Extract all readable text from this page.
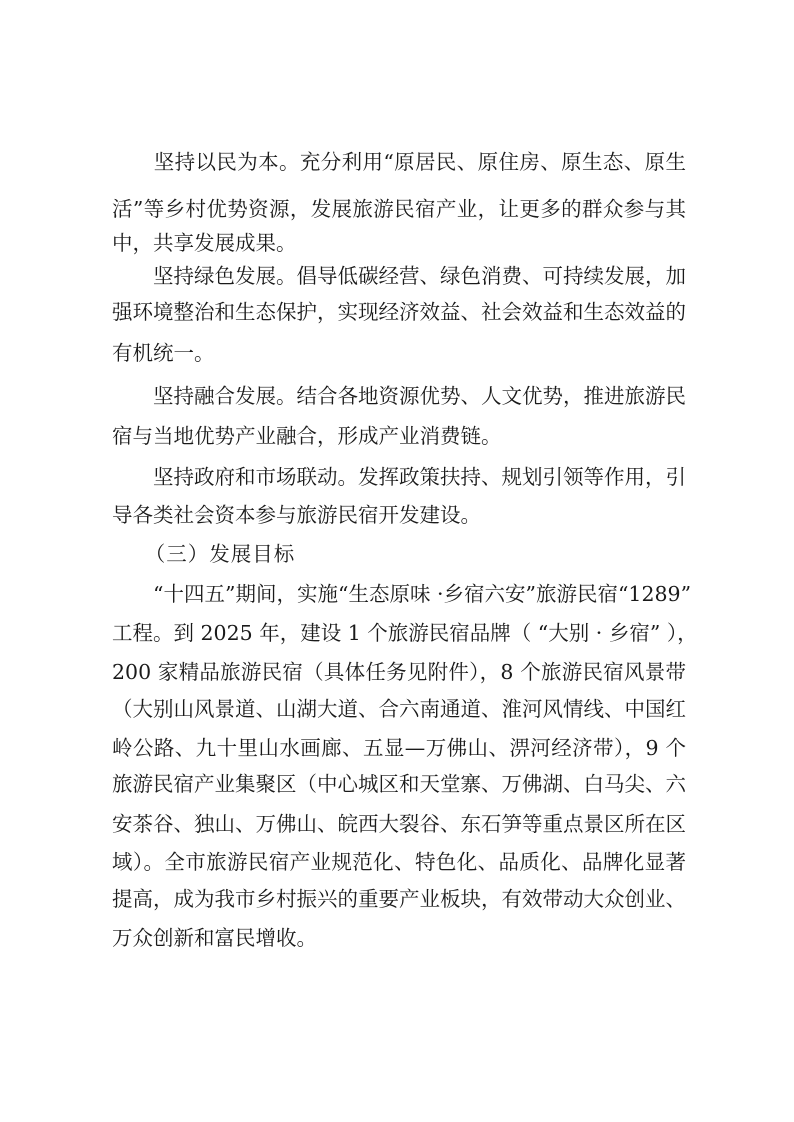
　　坚持以民为本。充分利用“原居民、原住房、原生态、原生
活”等乡村优势资源，发展旅游民宿产业，让更多的群众参与其
中，共享发展成果。
　　坚持绿色发展。倡导低碳经营、绿色消费、可持续发展，加
强环境整治和生态保护，实现经济效益、社会效益和生态效益的
有机统一。
　　坚持融合发展。结合各地资源优势、人文优势，推进旅游民
宿与当地优势产业融合，形成产业消费链。
　　坚持政府和市场联动。发挥政策扶持、规划引领等作用，引
导各类社会资本参与旅游民宿开发建设。
　　（三）发展目标
　　“十四五”期间，实施“生态原味 ·乡宿六安”旅游民宿“1289”
工程。到 2025 年，建设 1 个旅游民宿品牌（ “大别 · 乡宿” ），
200 家精品旅游民宿（具体任务见附件），8 个旅游民宿风景带
（大别山风景道、山湖大道、合六南通道、淮河风情线、中国红
岭公路、九十里山水画廊、五显—万佛山、淠河经济带），9 个
旅游民宿产业集聚区（中心城区和天堂寨、万佛湖、白马尖、六
安茶谷、独山、万佛山、皖西大裂谷、东石笋等重点景区所在区
域）。全市旅游民宿产业规范化、特色化、品质化、品牌化显著
提高，成为我市乡村振兴的重要产业板块，有效带动大众创业、
万众创新和富民增收。
